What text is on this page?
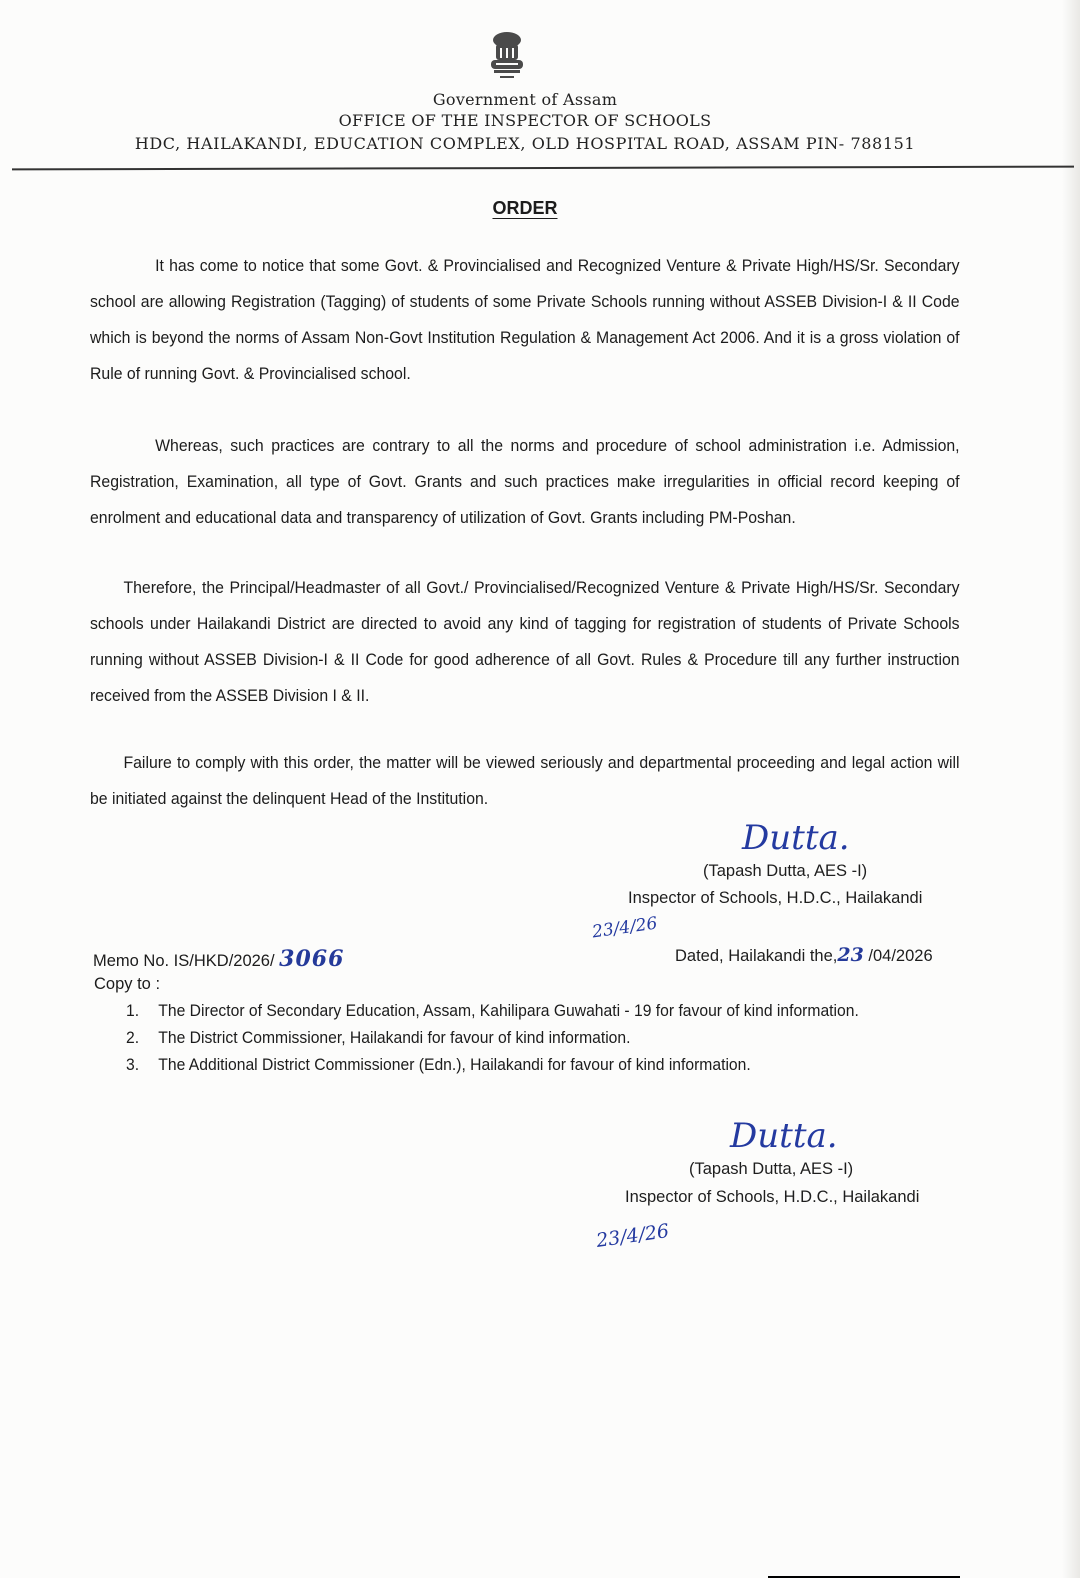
Government of Assam
OFFICE OF THE INSPECTOR OF SCHOOLS
HDC, HAILAKANDI, EDUCATION COMPLEX, OLD HOSPITAL ROAD, ASSAM PIN- 788151
ORDER
It has come to notice that some Govt. & Provincialised and Recognized Venture & Private High/HS/Sr. Secondary school are allowing Registration (Tagging) of students of some Private Schools running without ASSEB Division-I & II Code which is beyond the norms of Assam Non-Govt Institution Regulation & Management Act 2006. And it is a gross violation of Rule of running Govt. & Provincialised school.
Whereas, such practices are contrary to all the norms and procedure of school administration i.e. Admission, Registration, Examination, all type of Govt. Grants and such practices make irregularities in official record keeping of enrolment and educational data and transparency of utilization of Govt. Grants including PM-Poshan.
Therefore, the Principal/Headmaster of all Govt./ Provincialised/Recognized Venture & Private High/HS/Sr. Secondary schools under Hailakandi District are directed to avoid any kind of tagging for registration of students of Private Schools running without ASSEB Division-I & II Code for good adherence of all Govt. Rules & Procedure till any further instruction received from the ASSEB Division I & II.
Failure to comply with this order, the matter will be viewed seriously and departmental proceeding and legal action will be initiated against the delinquent Head of the Institution.
Dutta.
(Tapash Dutta, AES -I)
Inspector of Schools, H.D.C., Hailakandi
23/4/26
Memo No. IS/HKD/2026/ 3066	Dated, Hailakandi the,23 /04/2026
Copy to :
1. The Director of Secondary Education, Assam, Kahilipara Guwahati - 19 for favour of kind information.
2. The District Commissioner, Hailakandi for favour of kind information.
3. The Additional District Commissioner (Edn.), Hailakandi for favour of kind information.
Dutta.
(Tapash Dutta, AES -I)
Inspector of Schools, H.D.C., Hailakandi
23/4/26
